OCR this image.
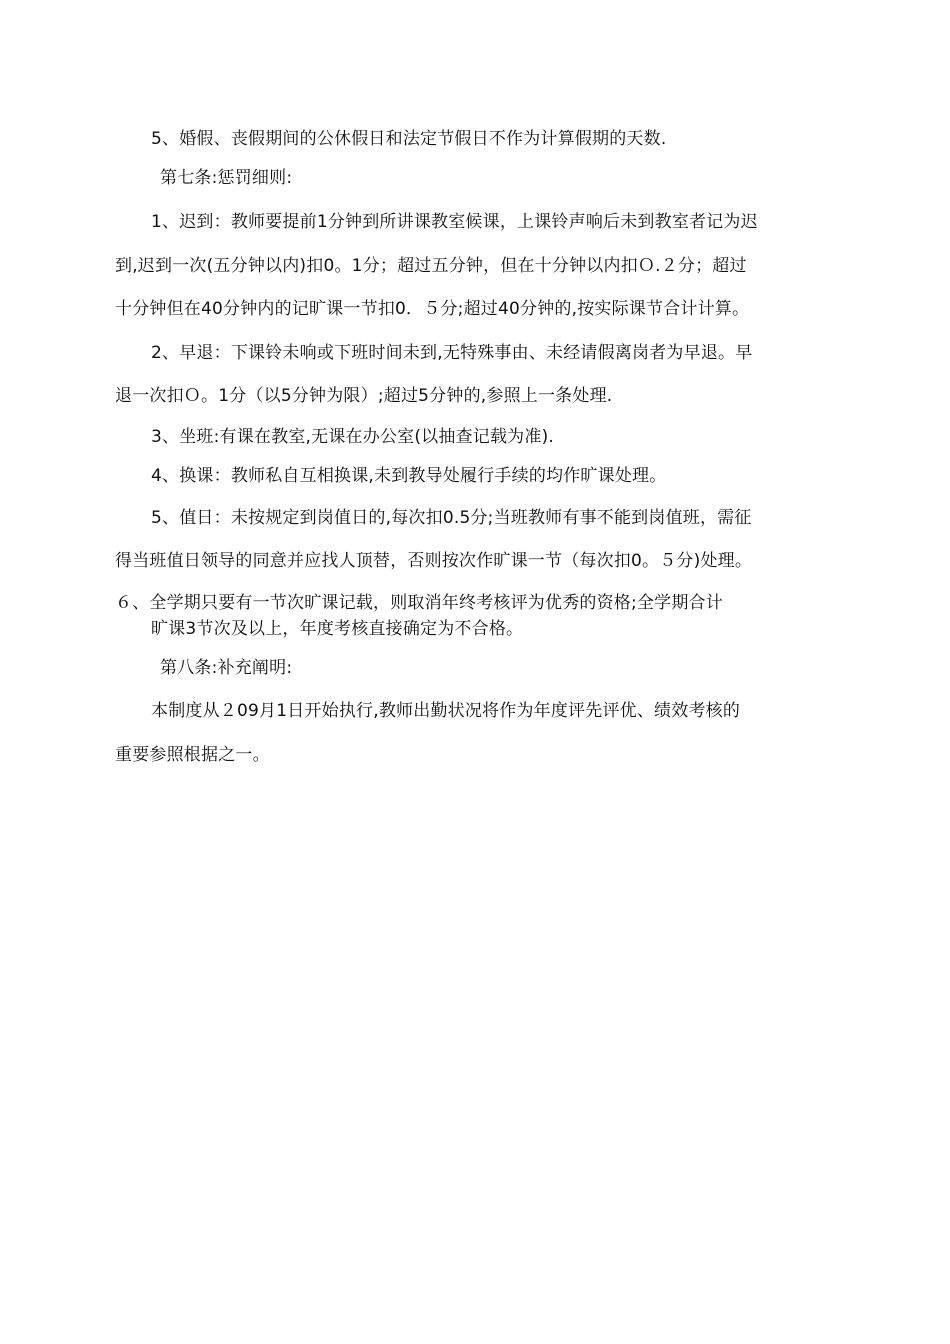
5、婚假、丧假期间的公休假日和法定节假日不作为计算假期的天数.
第七条:惩罚细则:
1、迟到：教师要提前1分钟到所讲课教室候课，上课铃声响后未到教室者记为迟
到,迟到一次(五分钟以内)扣0。1分；超过五分钟，但在十分钟以内扣Ｏ.２分；超过
十分钟但在40分钟内的记旷课一节扣0．５分;超过40分钟的,按实际课节合计计算。
2、早退：下课铃未响或下班时间未到,无特殊事由、未经请假离岗者为早退。早
退一次扣Ｏ。1分（以5分钟为限）;超过5分钟的,参照上一条处理.
3、坐班:有课在教室,无课在办公室(以抽查记载为准).
4、换课：教师私自互相换课,未到教导处履行手续的均作旷课处理。
5、值日：未按规定到岗值日的,每次扣0.5分;当班教师有事不能到岗值班，需征
得当班值日领导的同意并应找人顶替，否则按次作旷课一节（每次扣0。５分)处理。
６、全学期只要有一节次旷课记载，则取消年终考核评为优秀的资格;全学期合计
旷课3节次及以上，年度考核直接确定为不合格。
第八条:补充阐明:
本制度从２09月1日开始执行,教师出勤状况将作为年度评先评优、绩效考核的
重要参照根据之一。
